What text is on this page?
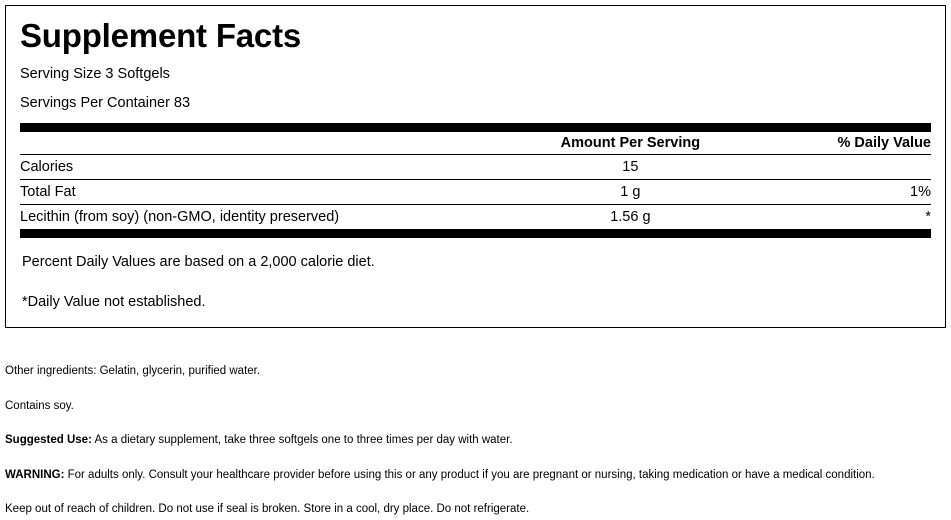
Supplement Facts
Serving Size 3 Softgels
Servings Per Container 83
	Amount Per Serving	% Daily Value
Calories	15	
Total Fat	1 g	1%
Lecithin (from soy) (non-GMO, identity preserved)	1.56 g	*
Percent Daily Values are based on a 2,000 calorie diet.
*Daily Value not established.

Other ingredients: Gelatin, glycerin, purified water.

Contains soy.

Suggested Use: As a dietary supplement, take three softgels one to three times per day with water.

WARNING: For adults only. Consult your healthcare provider before using this or any product if you are pregnant or nursing, taking medication or have a medical condition.

Keep out of reach of children. Do not use if seal is broken. Store in a cool, dry place. Do not refrigerate.
